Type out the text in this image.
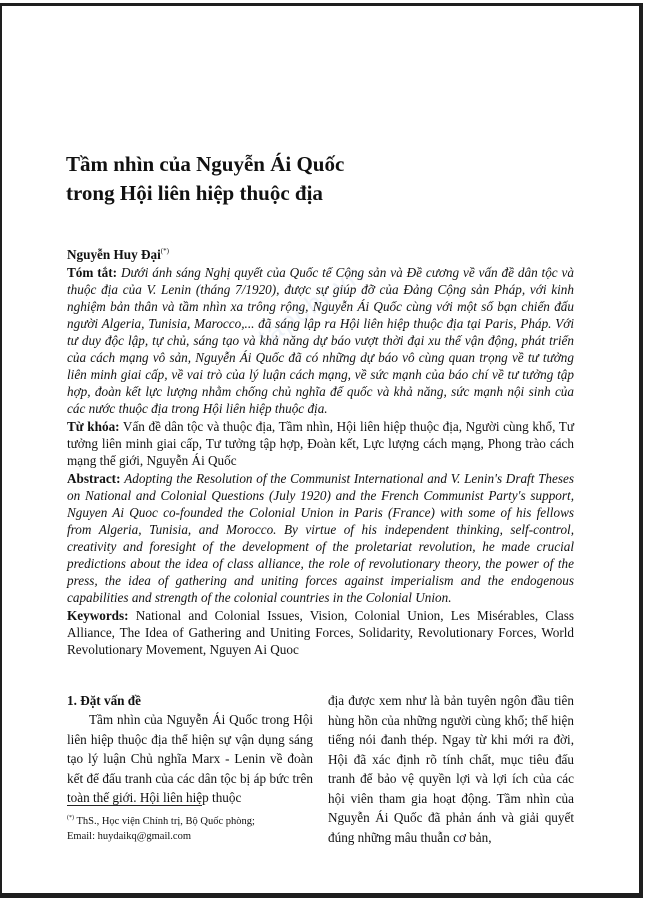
Tầm nhìn của Nguyễn Ái Quốc
trong Hội liên hiệp thuộc địa
Nguyễn Huy Đại(*)

Tóm tắt: Dưới ánh sáng Nghị quyết của Quốc tế Cộng sản và Đề cương về vấn đề dân tộc và thuộc địa của V. Lenin (tháng 7/1920), được sự giúp đỡ của Đảng Cộng sản Pháp, với kinh nghiệm bản thân và tầm nhìn xa trông rộng, Nguyễn Ái Quốc cùng với một số bạn chiến đấu người Algeria, Tunisia, Marocco,... đã sáng lập ra Hội liên hiệp thuộc địa tại Paris, Pháp. Với tư duy độc lập, tự chủ, sáng tạo và khả năng dự báo vượt thời đại xu thế vận động, phát triển của cách mạng vô sản, Nguyễn Ái Quốc đã có những dự báo vô cùng quan trọng về tư tưởng liên minh giai cấp, về vai trò của lý luận cách mạng, về sức mạnh của báo chí về tư tưởng tập hợp, đoàn kết lực lượng nhằm chống chủ nghĩa đế quốc và khả năng, sức mạnh nội sinh của các nước thuộc địa trong Hội liên hiệp thuộc địa.

Từ khóa: Vấn đề dân tộc và thuộc địa, Tầm nhìn, Hội liên hiệp thuộc địa, Người cùng khổ, Tư tưởng liên minh giai cấp, Tư tưởng tập hợp, Đoàn kết, Lực lượng cách mạng, Phong trào cách mạng thế giới, Nguyễn Ái Quốc

Abstract: Adopting the Resolution of the Communist International and V. Lenin's Draft Theses on National and Colonial Questions (July 1920) and the French Communist Party's support, Nguyen Ai Quoc co-founded the Colonial Union in Paris (France) with some of his fellows from Algeria, Tunisia, and Morocco. By virtue of his independent thinking, self-control, creativity and foresight of the development of the proletariat revolution, he made crucial predictions about the idea of class alliance, the role of revolutionary theory, the power of the press, the idea of gathering and uniting forces against imperialism and the endogenous capabilities and strength of the colonial countries in the Colonial Union.

Keywords: National and Colonial Issues, Vision, Colonial Union, Les Misérables, Class Alliance, The Idea of Gathering and Uniting Forces, Solidarity, Revolutionary Forces, World Revolutionary Movement, Nguyen Ai Quoc

1. Đặt vấn đề

Tầm nhìn của Nguyễn Ái Quốc trong Hội liên hiệp thuộc địa thể hiện sự vận dụng sáng tạo lý luận Chủ nghĩa Marx - Lenin về đoàn kết để đấu tranh của các dân tộc bị áp bức trên toàn thế giới. Hội liên hiệp thuộc

địa được xem như là bản tuyên ngôn đầu tiên hùng hồn của những người cùng khổ; thể hiện tiếng nói đanh thép. Ngay từ khi mới ra đời, Hội đã xác định rõ tính chất, mục tiêu đấu tranh để bảo vệ quyền lợi và lợi ích của các hội viên tham gia hoạt động. Tầm nhìn của Nguyễn Ái Quốc đã phản ánh và giải quyết đúng những mâu thuẫn cơ bản,

(*) ThS., Học viện Chính trị, Bộ Quốc phòng;
Email: huydaikq@gmail.com
